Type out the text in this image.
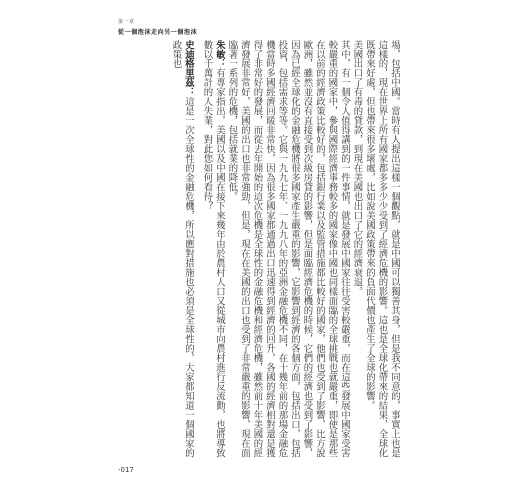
第一章
從一個泡沫走向另一個泡沫

場，包括中國。當時有人提出這樣一個觀點，就是中國可以獨善其身，但是我不同意的，事實上也是這樣的，現在世界上所有國家都多多少少受到了經濟危機的影響。這也是全球化帶來的結果，全球化既帶來好處，但也帶來很多壞處，比如說美國政策帶來的負面代價也產生了全球的影響。

美國出口了有毒的貸款，到現在美國也出口了它的經濟衰退。

其中，有一個令人值得講到的一件事情，就是發展中國家往往受害較嚴重，而在這些發展中國家受害較嚴重的國家中，參與國際經濟事務較多的國家像中國也同樣面臨的全球挑戰也就嚴重，即使是那些在以前的經濟政策比較好的，包括銀行業以及監管措施都比較好的國家，他們也受到了影響，比方說歐洲，雖然並沒有直接受到次級房貸的影響，但是面臨經濟危機的時候，它們的經濟也受到了影響，因為已經全球化的金融危機將很多國家產生嚴重的影響，它影響到經濟的各個方面，包括出口，包括投資，包括需求等等。它與一九九七年、一九九八年的亞洲金融危機不同，在十幾年前的那場金融危機當時多國經濟回暖非常快，因為很多國家都通過出口迅速得到經濟的回升，各國的經濟相對還是獲得了非常好的發展，而從去年開始的這次危機是全球性的金融危機和經濟危機，雖然前十年美國的經濟發展非常好，美國的出口也非常強勁，但是，現在在美國的出口也受到了非常嚴重的影響，現在面臨著一系列的危機，包括就業的降低。

朱敏：有專家指出，美國以及中國在接下來幾年由於農村人口又從城市向農村進行反流動，也將導致數以千萬計的人失業，對此您如何看待？

史迪格里茲：這是一次全球性的金融危機，所以應對措施也必須是全球性的，大家都知道一個國家的政策也

-017
